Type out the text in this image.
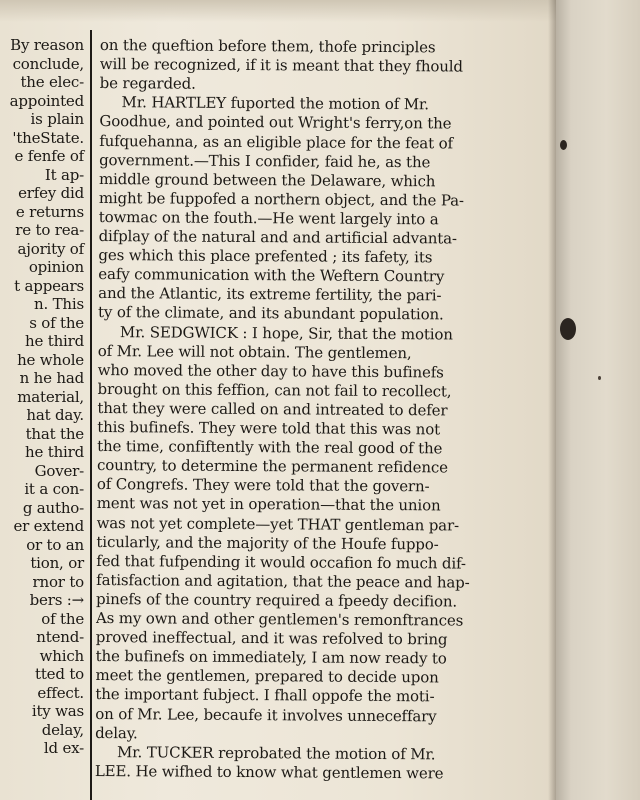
By reason
conclude,
the elec-
appointed
is plain
'theState.
e fenfe of
It ap-
erfey did
e returns
re to rea-
ajority of
opinion
t appears
n. This
s of the
he third
he whole
n he had
material,
hat day.
that the
he third
Gover-
it a con-
g autho-
er extend
or to an
tion, or
rnor to
bers :→
of the
ntend-
which
tted to
effect.
ity was
delay,
ld ex-
on the queftion before them, thofe principles
will be recognized, if it is meant that they fhould
be regarded.
Mr. HARTLEY fuported the motion of Mr.
Goodhue, and pointed out Wright's ferry,on the
fufquehanna, as an eligible place for the feat of
government.—This I confider, faid he, as the
middle ground between the Delaware, which
might be fuppofed a northern object, and the Pa-
towmac on the fouth.—He went largely into a
difplay of the natural and and artificial advanta-
ges which this place prefented ; its fafety, its
eafy communication with the Weftern Country
and the Atlantic, its extreme fertility, the pari-
ty of the climate, and its abundant population.
Mr. SEDGWICK : I hope, Sir, that the motion
of Mr. Lee will not obtain. The gentlemen,
who moved the other day to have this bufinefs
brought on this feffion, can not fail to recollect,
that they were called on and intreated to defer
this bufinefs. They were told that this was not
the time, confiftently with the real good of the
country, to determine the permanent refidence
of Congrefs. They were told that the govern-
ment was not yet in operation—that the union
was not yet complete—yet THAT gentleman par-
ticularly, and the majority of the Houfe fuppo-
fed that fufpending it would occafion fo much dif-
fatisfaction and agitation, that the peace and hap-
pinefs of the country required a fpeedy decifion.
As my own and other gentlemen's remonftrances
proved ineffectual, and it was refolved to bring
the bufinefs on immediately, I am now ready to
meet the gentlemen, prepared to decide upon
the important fubject. I fhall oppofe the moti-
on of Mr. Lee, becaufe it involves unneceffary
delay.
Mr. TUCKER reprobated the motion of Mr.
LEE. He wifhed to know what gentlemen were
